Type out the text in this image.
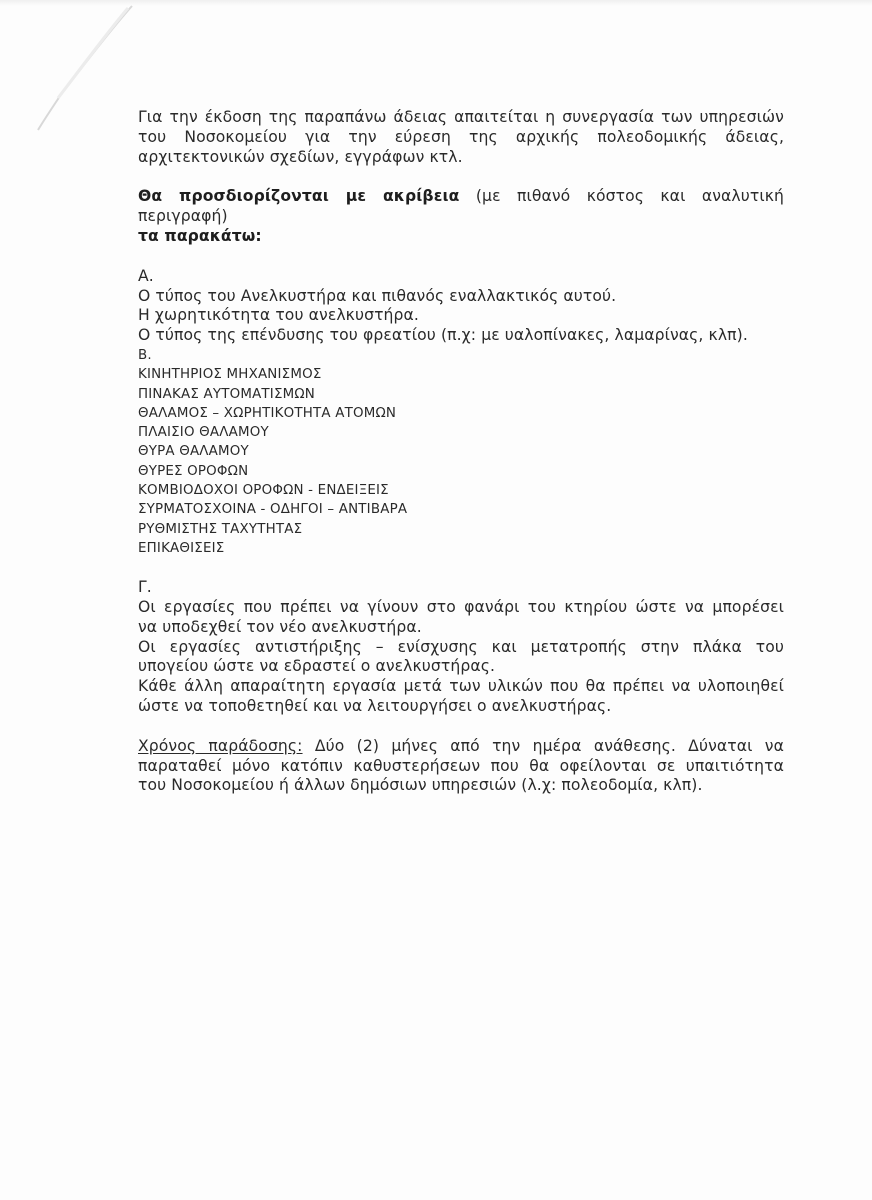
Για την έκδοση της παραπάνω άδειας απαιτείται η συνεργασία των υπηρεσιών

του Νοσοκομείου για την εύρεση της αρχικής πολεοδομικής άδειας,

αρχιτεκτονικών σχεδίων, εγγράφων κτλ.

Θα προσδιορίζονται με ακρίβεια (με πιθανό κόστος και αναλυτική περιγραφή)

τα παρακάτω:

Α.

Ο τύπος του Ανελκυστήρα και πιθανός εναλλακτικός αυτού.

Η χωρητικότητα του ανελκυστήρα.

Ο τύπος της επένδυσης του φρεατίου (π.χ: με υαλοπίνακες, λαμαρίνας, κλπ).

Β.

ΚΙΝΗΤΗΡΙΟΣ ΜΗΧΑΝΙΣΜΟΣ

ΠΙΝΑΚΑΣ ΑΥΤΟΜΑΤΙΣΜΩΝ

ΘΑΛΑΜΟΣ – ΧΩΡΗΤΙΚΟΤΗΤΑ ΑΤΟΜΩΝ

ΠΛΑΙΣΙΟ ΘΑΛΑΜΟΥ

ΘΥΡΑ ΘΑΛΑΜΟΥ

ΘΥΡΕΣ ΟΡΟΦΩΝ

ΚΟΜΒΙΟΔΟΧΟΙ ΟΡΟΦΩΝ - ΕΝΔΕΙΞΕΙΣ

ΣΥΡΜΑΤΟΣΧΟΙΝΑ - ΟΔΗΓΟΙ – ΑΝΤΙΒΑΡΑ

ΡΥΘΜΙΣΤΗΣ ΤΑΧΥΤΗΤΑΣ

ΕΠΙΚΑΘΙΣΕΙΣ

Γ.

Οι εργασίες που πρέπει να γίνουν στο φανάρι του κτηρίου ώστε να μπορέσει

να υποδεχθεί τον νέο ανελκυστήρα.

Οι εργασίες αντιστήριξης – ενίσχυσης και μετατροπής στην πλάκα του

υπογείου ώστε να εδραστεί ο ανελκυστήρας.

Κάθε άλλη απαραίτητη εργασία μετά των υλικών που θα πρέπει να υλοποιηθεί

ώστε να τοποθετηθεί και να λειτουργήσει ο ανελκυστήρας.

Χρόνος παράδοσης: Δύο (2) μήνες από την ημέρα ανάθεσης. Δύναται να

παραταθεί μόνο κατόπιν καθυστερήσεων που θα οφείλονται σε υπαιτιότητα

του Νοσοκομείου ή άλλων δημόσιων υπηρεσιών (λ.χ: πολεοδομία, κλπ).
